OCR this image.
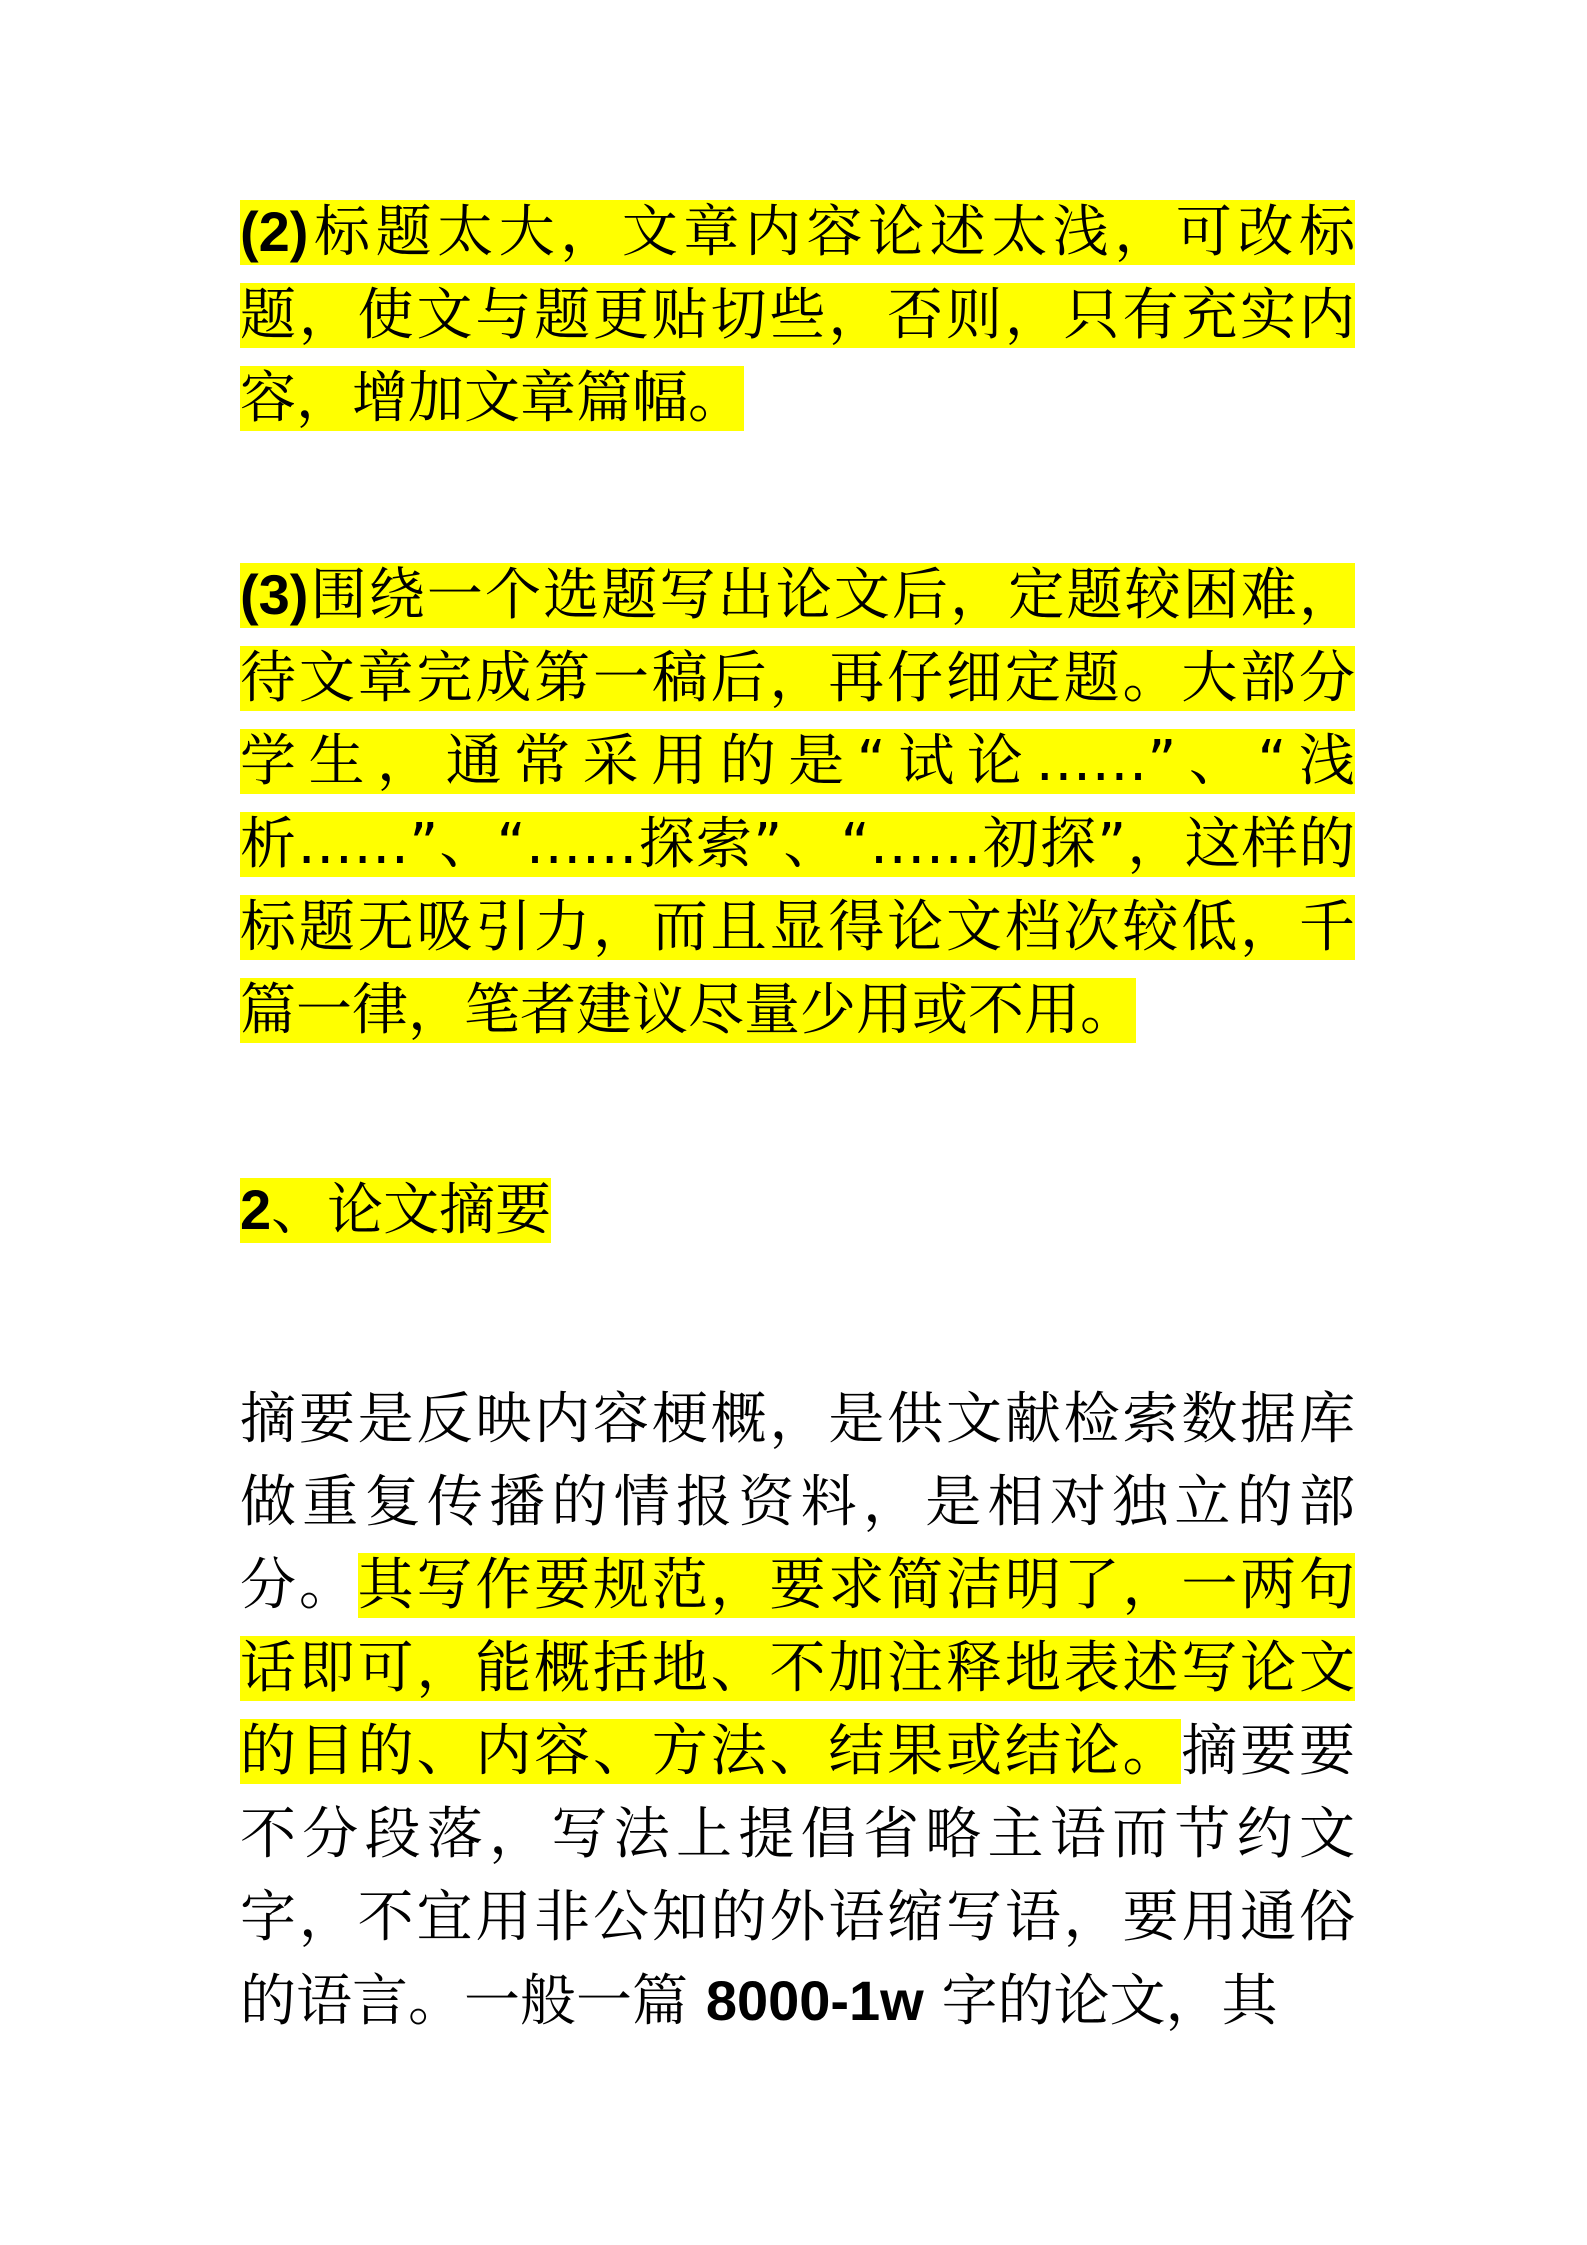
(2)标题太大，文章内容论述太浅，可改标题，使文与题更贴切些，否则，只有充实内容，增加文章篇幅。

(3)围绕一个选题写出论文后，定题较困难，待文章完成第一稿后，再仔细定题。大部分学生，通常采用的是“试论……”、“浅析……”、“……探索”、“……初探”，这样的标题无吸引力，而且显得论文档次较低，千篇一律，笔者建议尽量少用或不用。

2、论文摘要

摘要是反映内容梗概，是供文献检索数据库做重复传播的情报资料，是相对独立的部分。其写作要规范，要求简洁明了，一两句话即可，能概括地、不加注释地表述写论文的目的、内容、方法、结果或结论。摘要要不分段落，写法上提倡省略主语而节约文字，不宜用非公知的外语缩写语，要用通俗的语言。一般一篇 8000-1w 字的论文，其
